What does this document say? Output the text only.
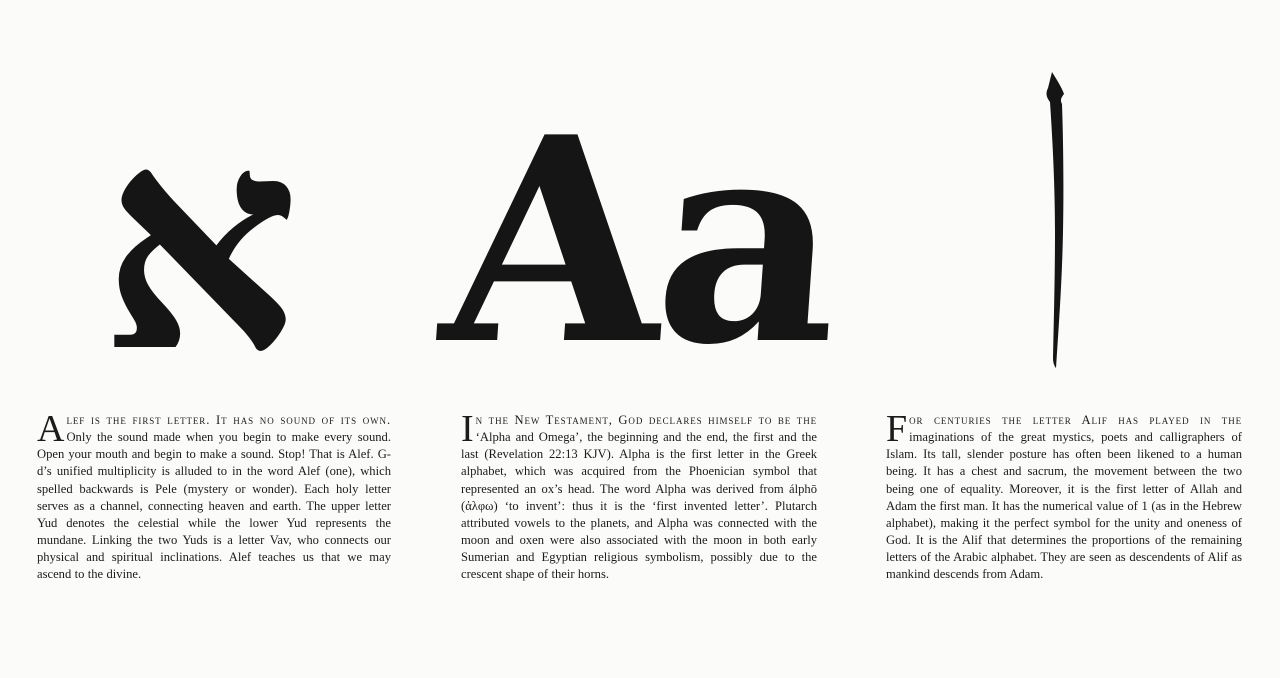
א Aa
A lef is the first letter. It has no sound of its own. Only the sound made when you begin to make every sound. Open your mouth and begin to make a sound. Stop! That is Alef. G-d’s unified multiplicity is alluded to in the word Alef (one), which spelled backwards is Pele (mystery or wonder). Each holy letter serves as a channel, connecting heaven and earth. The upper letter Yud denotes the celestial while the lower Yud represents the mundane. Linking the two Yuds is a letter Vav, who connects our physical and spiritual inclinations. Alef teaches us that we may ascend to the divine.
I n the New Testament, God declares himself to be the ‘Alpha and Omega’, the beginning and the end, the first and the last (Revelation 22:13 KJV). Alpha is the first letter in the Greek alphabet, which was acquired from the Phoenician symbol that represented an ox’s head. The word Alpha was derived from álphō (ἀλφω) ‘to invent’: thus it is the ‘first invented letter’. Plutarch attributed vowels to the planets, and Alpha was connected with the moon and oxen were also associated with the moon in both early Sumerian and Egyptian religious symbolism, possibly due to the crescent shape of their horns.
F or centuries the letter Alif has played in the imaginations of the great mystics, poets and calligraphers of Islam. Its tall, slender posture has often been likened to a human being. It has a chest and sacrum, the movement between the two being one of equality. Moreover, it is the first letter of Allah and Adam the first man. It has the numerical value of 1 (as in the Hebrew alphabet), making it the perfect symbol for the unity and oneness of God. It is the Alif that determines the proportions of the remaining letters of the Arabic alphabet. They are seen as descendents of Alif as mankind descends from Adam.
